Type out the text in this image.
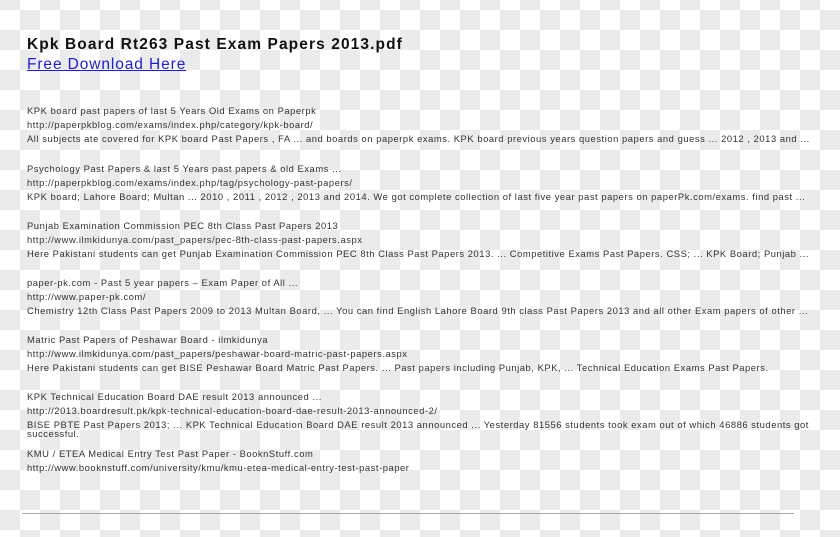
Kpk Board Rt263 Past Exam Papers 2013.pdf
Free Download Here
KPK board past papers of last 5 Years Old Exams on Paperpk
http://paperpkblog.com/exams/index.php/category/kpk-board/
All subjects ate covered for KPK board Past Papers , FA ... and boards on paperpk exams. KPK board previous years question papers and guess ... 2012 , 2013 and ...
Psychology Past Papers & last 5 Years past papers & old Exams ...
http://paperpkblog.com/exams/index.php/tag/psychology-past-papers/
KPK board; Lahore Board; Multan ... 2010 , 2011 , 2012 , 2013 and 2014. We got complete collection of last five year past papers on paperPk.com/exams. find past ...
Punjab Examination Commission PEC 8th Class Past Papers 2013
http://www.ilmkidunya.com/past_papers/pec-8th-class-past-papers.aspx
Here Pakistani students can get Punjab Examination Commission PEC 8th Class Past Papers 2013. ... Competitive Exams Past Papers. CSS; ... KPK Board; Punjab ...
paper-pk.com - Past 5 year papers – Exam Paper of All ...
http://www.paper-pk.com/
Chemistry 12th Class Past Papers 2009 to 2013 Multan Board, ... You can find English Lahore Board 9th class Past Papers 2013 and all other Exam papers of other ...
Matric Past Papers of Peshawar Board - ilmkidunya
http://www.ilmkidunya.com/past_papers/peshawar-board-matric-past-papers.aspx
Here Pakistani students can get BISE Peshawar Board Matric Past Papers. ... Past papers including Punjab, KPK, ... Technical Education Exams Past Papers.
KPK Technical Education Board DAE result 2013 announced ...
http://2013.boardresult.pk/kpk-technical-education-board-dae-result-2013-announced-2/
BISE PBTE Past Papers 2013; ... KPK Technical Education Board DAE result 2013 announced ... Yesterday 81556 students took exam out of which 46886 students got successful.
KMU / ETEA Medical Entry Test Past Paper - BooknStuff.com
http://www.booknstuff.com/university/kmu/kmu-etea-medical-entry-test-past-paper
